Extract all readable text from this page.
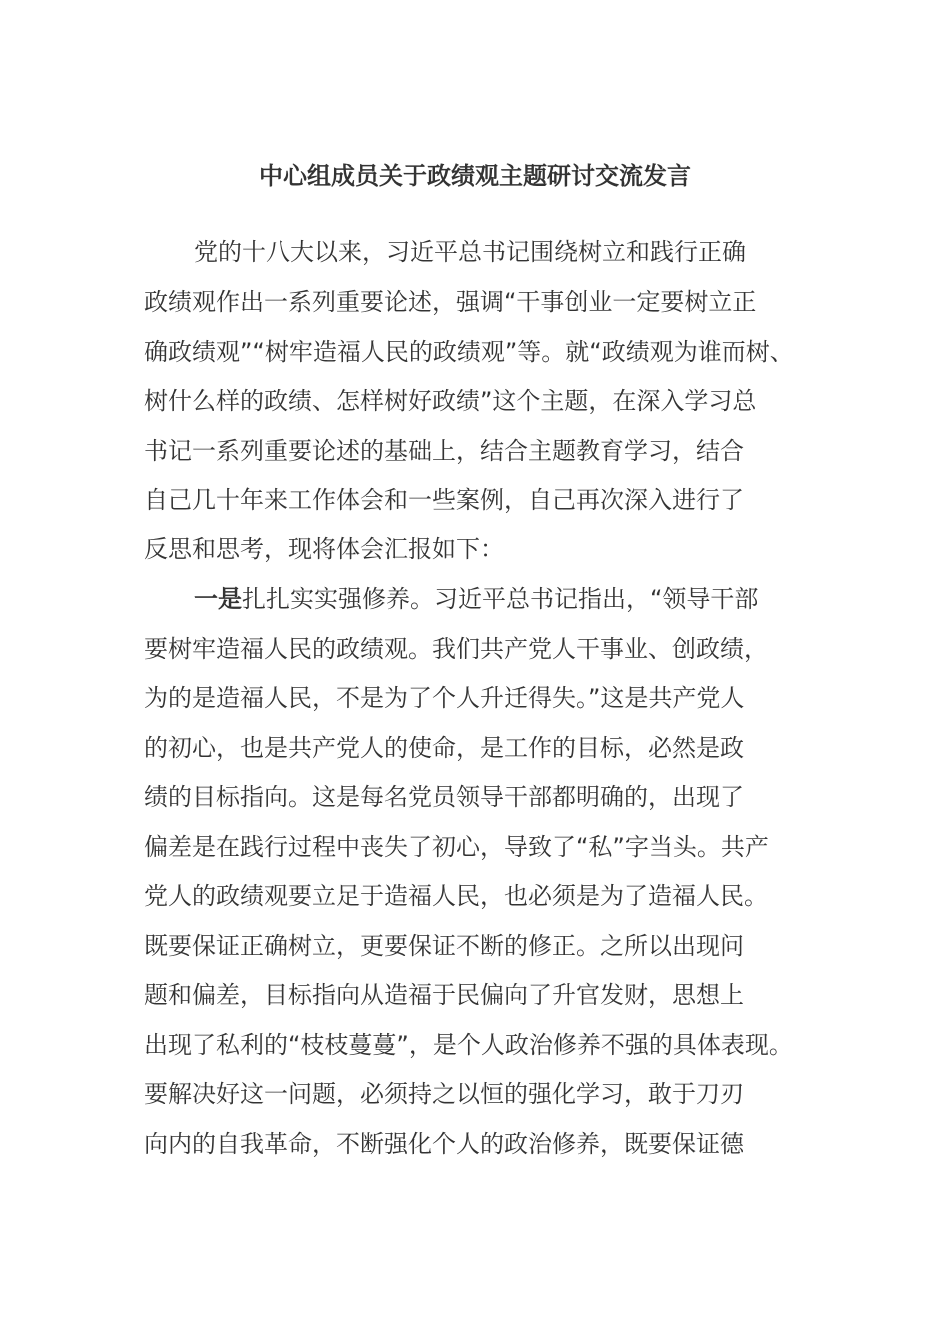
中心组成员关于政绩观主题研讨交流发言
党的十八大以来，习近平总书记围绕树立和践行正确
政绩观作出一系列重要论述，强调“干事创业一定要树立正
确政绩观”“树牢造福人民的政绩观”等。就“政绩观为谁而树、
树什么样的政绩、怎样树好政绩”这个主题，在深入学习总
书记一系列重要论述的基础上，结合主题教育学习，结合
自己几十年来工作体会和一些案例，自己再次深入进行了
反思和思考，现将体会汇报如下：
一是扎扎实实强修养。习近平总书记指出，“领导干部
要树牢造福人民的政绩观。我们共产党人干事业、创政绩，
为的是造福人民，不是为了个人升迁得失。”这是共产党人
的初心，也是共产党人的使命，是工作的目标，必然是政
绩的目标指向。这是每名党员领导干部都明确的，出现了
偏差是在践行过程中丧失了初心，导致了“私”字当头。共产
党人的政绩观要立足于造福人民，也必须是为了造福人民。
既要保证正确树立，更要保证不断的修正。之所以出现问
题和偏差，目标指向从造福于民偏向了升官发财，思想上
出现了私利的“枝枝蔓蔓”，是个人政治修养不强的具体表现。
要解决好这一问题，必须持之以恒的强化学习，敢于刀刃
向内的自我革命，不断强化个人的政治修养，既要保证德
